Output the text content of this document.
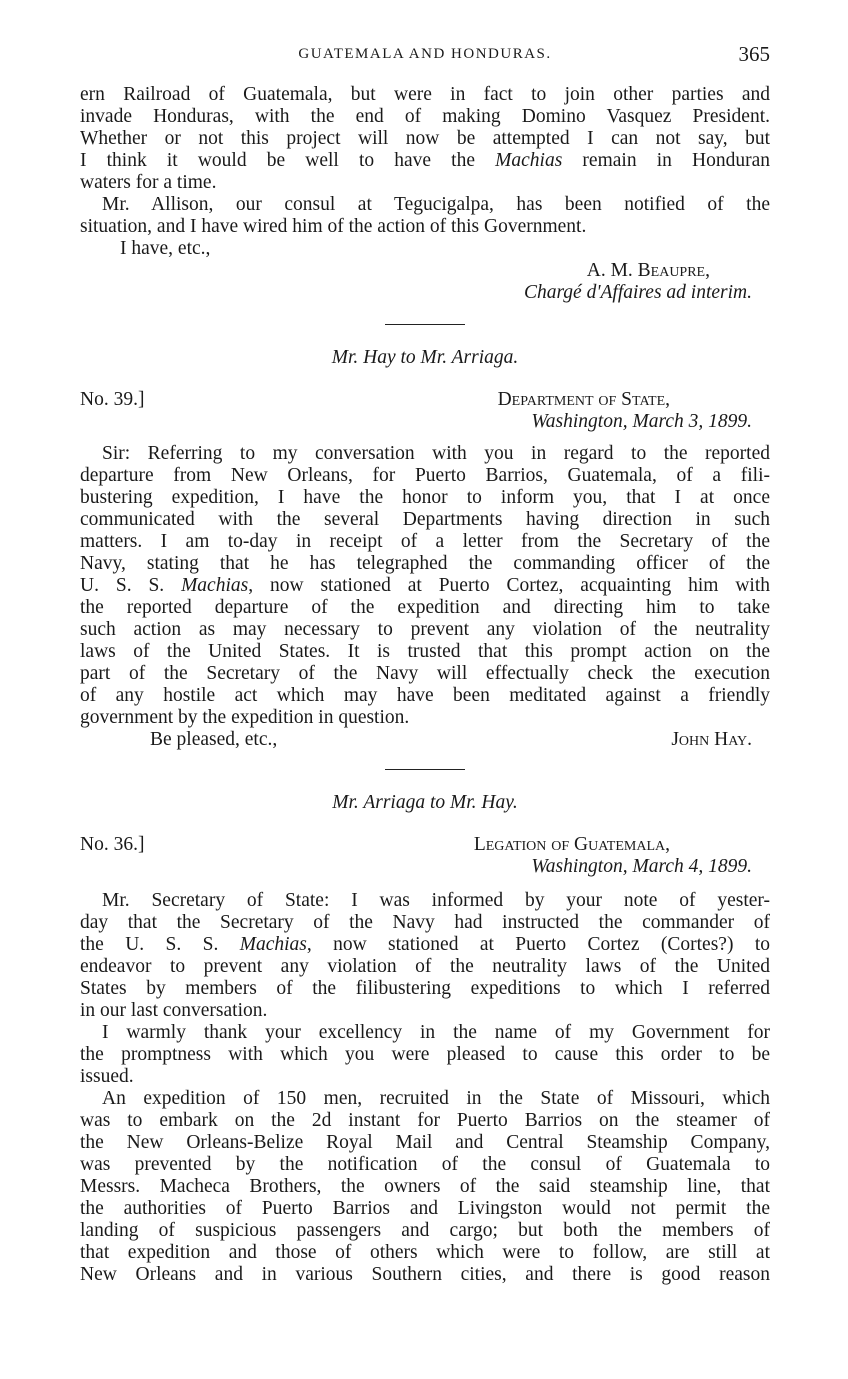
GUATEMALA AND HONDURAS.	365
ern Railroad of Guatemala, but were in fact to join other parties and
invade Honduras, with the end of making Domino Vasquez President.
Whether or not this project will now be attempted I can not say, but
I think it would be well to have the Machias remain in Honduran
waters for a time.
Mr. Allison, our consul at Tegucigalpa, has been notified of the
situation, and I have wired him of the action of this Government.
I have, etc.,
A. M. Beaupre,
Chargé d'Affaires ad interim.
Mr. Hay to Mr. Arriaga.
No. 39.]	Department of State,
Washington, March 3, 1899.
Sir: Referring to my conversation with you in regard to the reported
departure from New Orleans, for Puerto Barrios, Guatemala, of a fili-
bustering expedition, I have the honor to inform you, that I at once
communicated with the several Departments having direction in such
matters. I am to-day in receipt of a letter from the Secretary of the
Navy, stating that he has telegraphed the commanding officer of the
U. S. S. Machias, now stationed at Puerto Cortez, acquainting him with
the reported departure of the expedition and directing him to take
such action as may necessary to prevent any violation of the neutrality
laws of the United States. It is trusted that this prompt action on the
part of the Secretary of the Navy will effectually check the execution
of any hostile act which may have been meditated against a friendly
government by the expedition in question.
Be pleased, etc.,	John Hay.
Mr. Arriaga to Mr. Hay.
No. 36.]	Legation of Guatemala,
Washington, March 4, 1899.
Mr. Secretary of State: I was informed by your note of yester-
day that the Secretary of the Navy had instructed the commander of
the U. S. S. Machias, now stationed at Puerto Cortez (Cortes?) to
endeavor to prevent any violation of the neutrality laws of the United
States by members of the filibustering expeditions to which I referred
in our last conversation.
I warmly thank your excellency in the name of my Government for
the promptness with which you were pleased to cause this order to be
issued.
An expedition of 150 men, recruited in the State of Missouri, which
was to embark on the 2d instant for Puerto Barrios on the steamer of
the New Orleans-Belize Royal Mail and Central Steamship Company,
was prevented by the notification of the consul of Guatemala to
Messrs. Macheca Brothers, the owners of the said steamship line, that
the authorities of Puerto Barrios and Livingston would not permit the
landing of suspicious passengers and cargo; but both the members of
that expedition and those of others which were to follow, are still at
New Orleans and in various Southern cities, and there is good reason
